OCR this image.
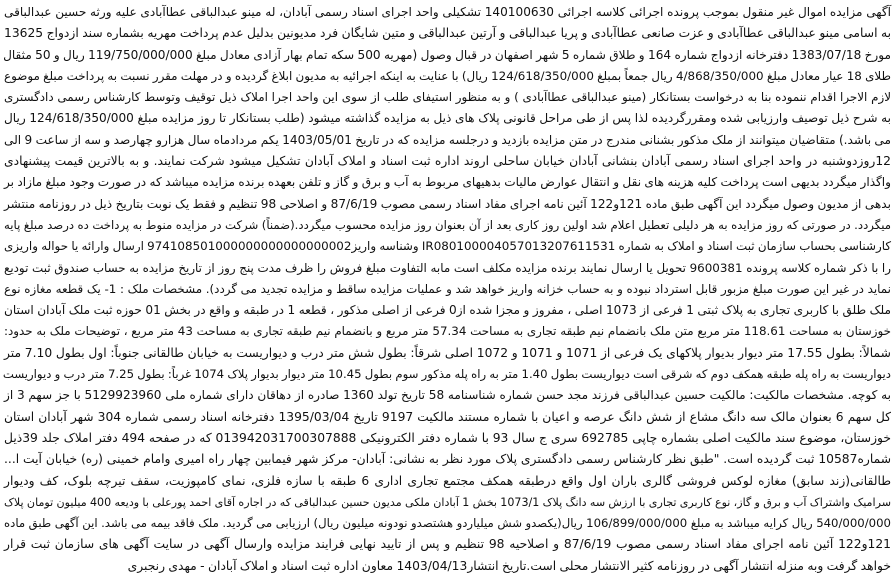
آگهی مزایده اموال غیر منقول بموجب پرونده اجرائی کلاسه اجرائی 140100630 تشکیلی واحد اجرای اسناد رسمی آبادان، له مینو عبدالباقی عطاآبادی علیه ورثه حسین عبدالباقی
به اسامی مینو عبدالباقی عطاآبادی و عزت صانعی عطاآبادی و پریا عبدالباقی و آرتین عبدالباقی و متین شایگان فرد مدیونین بدلیل عدم پرداخت مهریه بشماره سند ازدواج 13625
مورخ 1383/07/18 دفترخانه ازدواج شماره 164 و طلاق شماره 5 شهر اصفهان در قبال وصول (مهریه 500 سکه تمام بهار آزادی معادل مبلغ 119/750/000/000 ریال و 50 مثقال
طلای 18 عیار معادل مبلغ 4/868/350/000 ریال جمعاً بمبلغ 124/618/350/000 ریال) با عنایت به اینکه اجرائیه به مدیون ابلاغ گردیده و در مهلت مقرر نسبت به پرداخت مبلغ موضوع
لازم الاجرا اقدام ننموده بنا به درخواست بستانکار (مینو عبدالباقی عطاآبادی ) و به منظور استیفای طلب از سوی این واحد اجرا املاک ذیل توقیف وتوسط کارشناس رسمی دادگستری
به شرح ذیل توصیف وارزیابی شده ومقررگردیده لذا پس از طی مراحل قانونی پلاک های ذیل به مزایده گذاشته میشود (طلب بستانکار تا روز مزایده مبلغ 124/618/350/000 ریال
می باشد.) متقاضیان میتوانند از ملک مذکور بشنانی مندرج در متن مزایده بازدید و درجلسه مزایده که در تاریخ 1403/05/01 یکم مردادماه سال هزارو چهارصد و سه از ساعت 9 الی
12روزدوشنبه در واحد اجرای اسناد رسمی آبادان بنشانی آبادان خیابان ساحلی اروند اداره ثبت اسناد و املاک آبادان تشکیل میشود شرکت نمایند. و به بالاترین قیمت پیشنهادی
واگذار میگردد بدیهی است پرداخت کلیه هزینه های نقل و انتقال عوارض مالیات بدهیهای مربوط به آب و برق و گاز و تلفن بعهده برنده مزایده میباشد که در صورت وجود مبلغ مازاد بر
بدهی از مدیون وصول میگردد این آگهی طبق ماده 121و122 آئین نامه اجرای مفاد اسناد رسمی مصوب 87/6/19 و اصلاحی 98 تنظیم و فقط یک نوبت بتاریخ ذیل در روزنامه منتشر
میگردد. در صورتی که روز مزایده به هر دلیلی تعطیل اعلام شد اولین روز کاری بعد از آن بعنوان روز مزایده محسوب میگردد.(ضمناً) شرکت در مزایده منوط به پرداخت ده درصد مبلغ پایه
کارشناسی بحساب سازمان ثبت اسناد و املاک به شماره IR080100004057013207611531 وشناسه واریز974108501000000000000000002 ارسال وارائه یا حواله واریزی
را با ذکر شماره کلاسه پرونده 9600381 تحویل یا ارسال نمایند برنده مزایده مکلف است مابه التفاوت مبلغ فروش را ظرف مدت پنج روز از تاریخ مزایده به حساب صندوق ثبت تودیع
نماید در غیر این صورت مبلغ مزبور قابل استرداد نبوده و به حساب خزانه واریز خواهد شد و عملیات مزایده ساقط و مزایده تجدید می گردد). مشخصات ملک : 1- یک قطعه مغازه نوع
ملک طلق با کاربری تجاری به پلاک ثبتی 1 فرعی از 1073 اصلی ، مفروز و مجزا شده از0 فرعی از اصلی مذکور ، قطعه 1 در طبقه و واقع در بخش 01 حوزه ثبت ملک آبادان استان
خوزستان به مساحت 118.61 متر مربع متن ملک بانضمام نیم طبقه تجاری به مساحت 57.34 متر مربع و بانضمام نیم طبقه تجاری به مساحت 43 متر مربع ، توضیحات ملک به حدود:
شمالاً: بطول 17.55 متر دیوار بدیوار پلاکهای یک فرعی از 1071 و 1071 و 1072 اصلی شرقاً: بطول شش متر درب و دیواریست به خیابان طالقانی جنوباً: اول بطول 7.10 متر
دیواریست به راه پله طبقه همکف دوم که شرقی است دیواریست بطول 1.40 متر به راه پله مذکور سوم بطول 10.45 متر دیوار بدیوار پلاک 1074 غرباً: بطول 7.25 متر درب و دیواریست
به کوچه. مشخصات مالکیت: مالکیت حسین عبدالباقی فرزند مجد حسن شماره شناسنامه 58 تاریخ تولد 1360 صادره از دهاقان دارای شماره ملی 5129923960 با جز سهم 3 از
کل سهم 6 بعنوان مالک سه دانگ مشاع از شش دانگ عرصه و اعیان با شماره مستند مالکیت 9197 تاریخ 1395/03/04 دفترخانه اسناد رسمی شماره 304 شهر آبادان استان
خوزستان، موضوع سند مالکیت اصلی بشماره چاپی 692785 سری ج سال 93 با شماره دفتر الکترونیکی 013942031700307888 که در صفحه 494 دفتر املاک جلد 39ذیل
شماره10587 ثبت گردیده است. "طبق نظر کارشناس رسمی دادگستری پلاک مورد نظر به نشانی: آبادان- مرکز شهر فیمابین چهار راه امیری وامام خمینی (ره) خیابان آیت ا...
طالقانی(زند سابق) مغازه لوکس فروشی گالری باران اول واقع درطبقه همکف مجتمع تجاری اداری 6 طبقه با سازه فلزی، نمای کامپوزیت، سقف تیرچه بلوک، کف ودیوار
سرامیک واشتراک آب و برق و گاز، نوع کاربری تجاری با ارزش سه دانگ پلاک 1073/1 بخش 1 آبادان ملکی مدیون حسین عبدالباقی که در اجاره آقای احمد پورعلی با ودیعه 400 میلیون تومان پلاک
540/000/000 ریال کرایه میباشد به مبلغ 106/899/000/000 ریال(یکصدو شش میلیاردو هشتصدو نودونه میلیون ریال) ارزیابی می گردید. ملک فاقد بیمه می باشد. این آگهی طبق ماده
121و122 آئین نامه اجرای مفاد اسناد رسمی مصوب 87/6/19 و اصلاحیه 98 تنظیم و پس از تایید نهایی فرایند مزایده وارسال آگهی در سایت آگهی های سازمان ثبت قرار
خواهد گرفت وبه منزله انتشار آگهی در روزنامه کثیر الانتشار محلی است.تاریخ انتشار1403/04/13 معاون اداره ثبت اسناد و املاک آبادان - مهدی رنجبری
